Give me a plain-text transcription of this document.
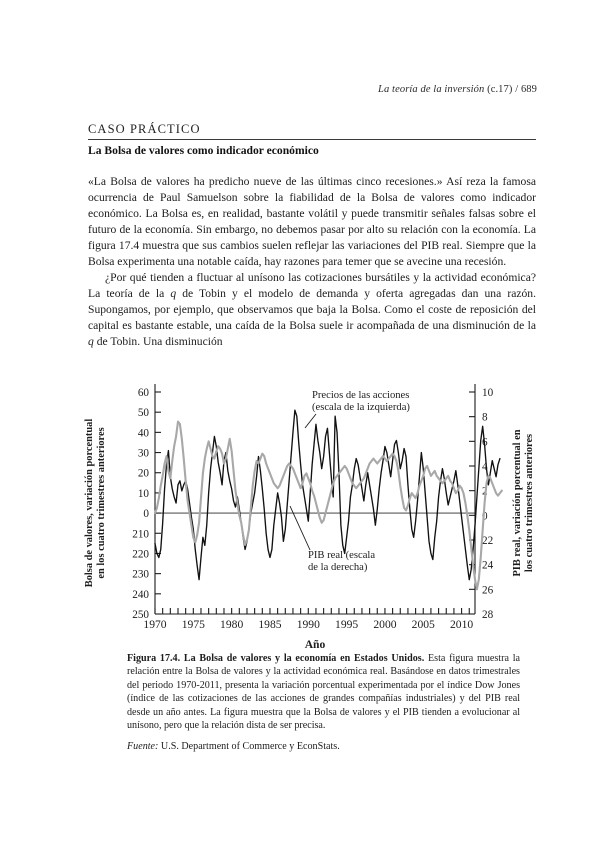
La teoría de la inversión (c.17) / 689
CASO PRÁCTICO
La Bolsa de valores como indicador económico

«La Bolsa de valores ha predicho nueve de las últimas cinco recesiones.» Así reza la famosa ocurrencia de Paul Samuelson sobre la fiabilidad de la Bolsa de valores como indicador económico. La Bolsa es, en realidad, bastante volátil y puede transmitir señales falsas sobre el futuro de la economía. Sin embargo, no debemos pasar por alto su relación con la economía. La figura 17.4 muestra que sus cambios suelen reflejar las variaciones del PIB real. Siempre que la Bolsa experimenta una notable caída, hay razones para temer que se avecine una recesión.

¿Por qué tienden a fluctuar al unísono las cotizaciones bursátiles y la actividad económica? La teoría de la q de Tobin y el modelo de demanda y oferta agregadas dan una razón. Supongamos, por ejemplo, que observamos que baja la Bolsa. Como el coste de reposición del capital es bastante estable, una caída de la Bolsa suele ir acompañada de una disminución de la q de Tobin. Una disminución

60
50
40
30
20
10
0
210
220
230
240
250
10
8
6
4
2
0
22
24
26
28
1970 1975 1980 1985 1990 1995 2000 2005 2010
Año
Bolsa de valores, variación porcentual en los cuatro trimestres anteriores	PIB real, variación porcentual en los cuatro trimestres anteriores
Precios de las acciones
(escala de la izquierda)
PIB real (escala
de la derecha)

Figura 17.4. La Bolsa de valores y la economía en Estados Unidos. Esta figura muestra la relación entre la Bolsa de valores y la actividad económica real. Basándose en datos trimestrales del periodo 1970‑2011, presenta la variación porcentual experimentada por el índice Dow Jones (índice de las cotizaciones de las acciones de grandes compañías industriales) y del PIB real desde un año antes. La figura muestra que la Bolsa de valores y el PIB tienden a evolucionar al unísono, pero que la relación dista de ser precisa.

Fuente: U.S. Department of Commerce y EconStats.
